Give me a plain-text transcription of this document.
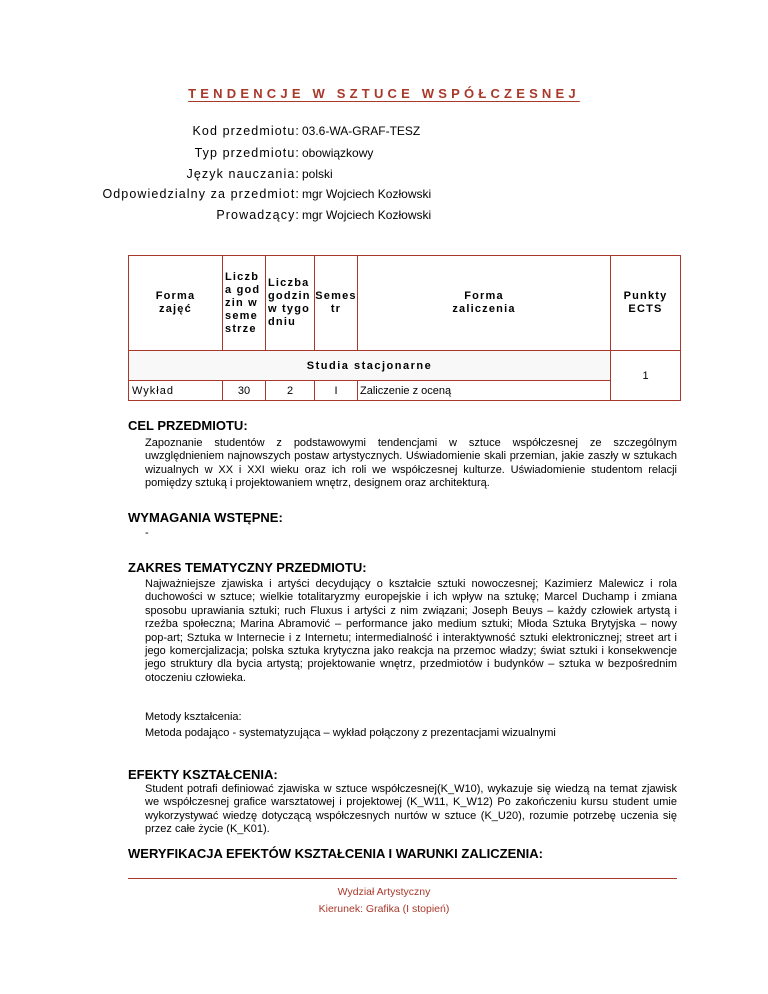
TENDENCJE W SZTUCE WSPÓŁCZESNEJ
Kod przedmiotu: 03.6-WA-GRAF-TESZ
Typ przedmiotu: obowiązkowy
Język nauczania: polski
Odpowiedzialny za przedmiot: mgr Wojciech Kozłowski
Prowadzący: mgr Wojciech Kozłowski
Forma zajęć	Liczba godzin w semestrze	Liczba godzin w tygodniu	Semestr	Forma zaliczenia	Punkty ECTS

Studia stacjonarne					1
Wykład	30	2	I	Zaliczenie z oceną	
CEL PRZEDMIOTU:
Zapoznanie studentów z podstawowymi tendencjami w sztuce współczesnej ze szczególnym uwzględnieniem najnowszych postaw artystycznych. Uświadomienie skali przemian, jakie zaszły w sztukach wizualnych w XX i XXI wieku oraz ich roli we współczesnej kulturze. Uświadomienie studentom relacji pomiędzy sztuką i projektowaniem wnętrz, designem oraz architekturą.
WYMAGANIA WSTĘPNE:
-
ZAKRES TEMATYCZNY PRZEDMIOTU:
Najważniejsze zjawiska i artyści decydujący o kształcie sztuki nowoczesnej; Kazimierz Malewicz i rola duchowości w sztuce; wielkie totalitaryzmy europejskie i ich wpływ na sztukę; Marcel Duchamp i zmiana sposobu uprawiania sztuki; ruch Fluxus i artyści z nim związani; Joseph Beuys – każdy człowiek artystą i rzeźba społeczna; Marina Abramović – performance jako medium sztuki; Młoda Sztuka Brytyjska – nowy pop-art; Sztuka w Internecie i z Internetu; intermedialność i interaktywność sztuki elektronicznej; street art i jego komercjalizacja; polska sztuka krytyczna jako reakcja na przemoc władzy; świat sztuki i konsekwencje jego struktury dla bycia artystą; projektowanie wnętrz, przedmiotów i budynków – sztuka w bezpośrednim otoczeniu człowieka.
Metody kształcenia:
Metoda podająco - systematyzująca – wykład połączony z prezentacjami wizualnymi
EFEKTY KSZTAŁCENIA:
Student potrafi definiować zjawiska w sztuce współczesnej(K_W10), wykazuje się wiedzą na temat zjawisk we współczesnej grafice warsztatowej i projektowej (K_W11, K_W12) Po zakończeniu kursu student umie wykorzystywać wiedzę dotyczącą współczesnych nurtów w sztuce (K_U20), rozumie potrzebę uczenia się przez całe życie (K_K01).
WERYFIKACJA EFEKTÓW KSZTAŁCENIA I WARUNKI ZALICZENIA:
Wydział Artystyczny
Kierunek: Grafika (I stopień)
